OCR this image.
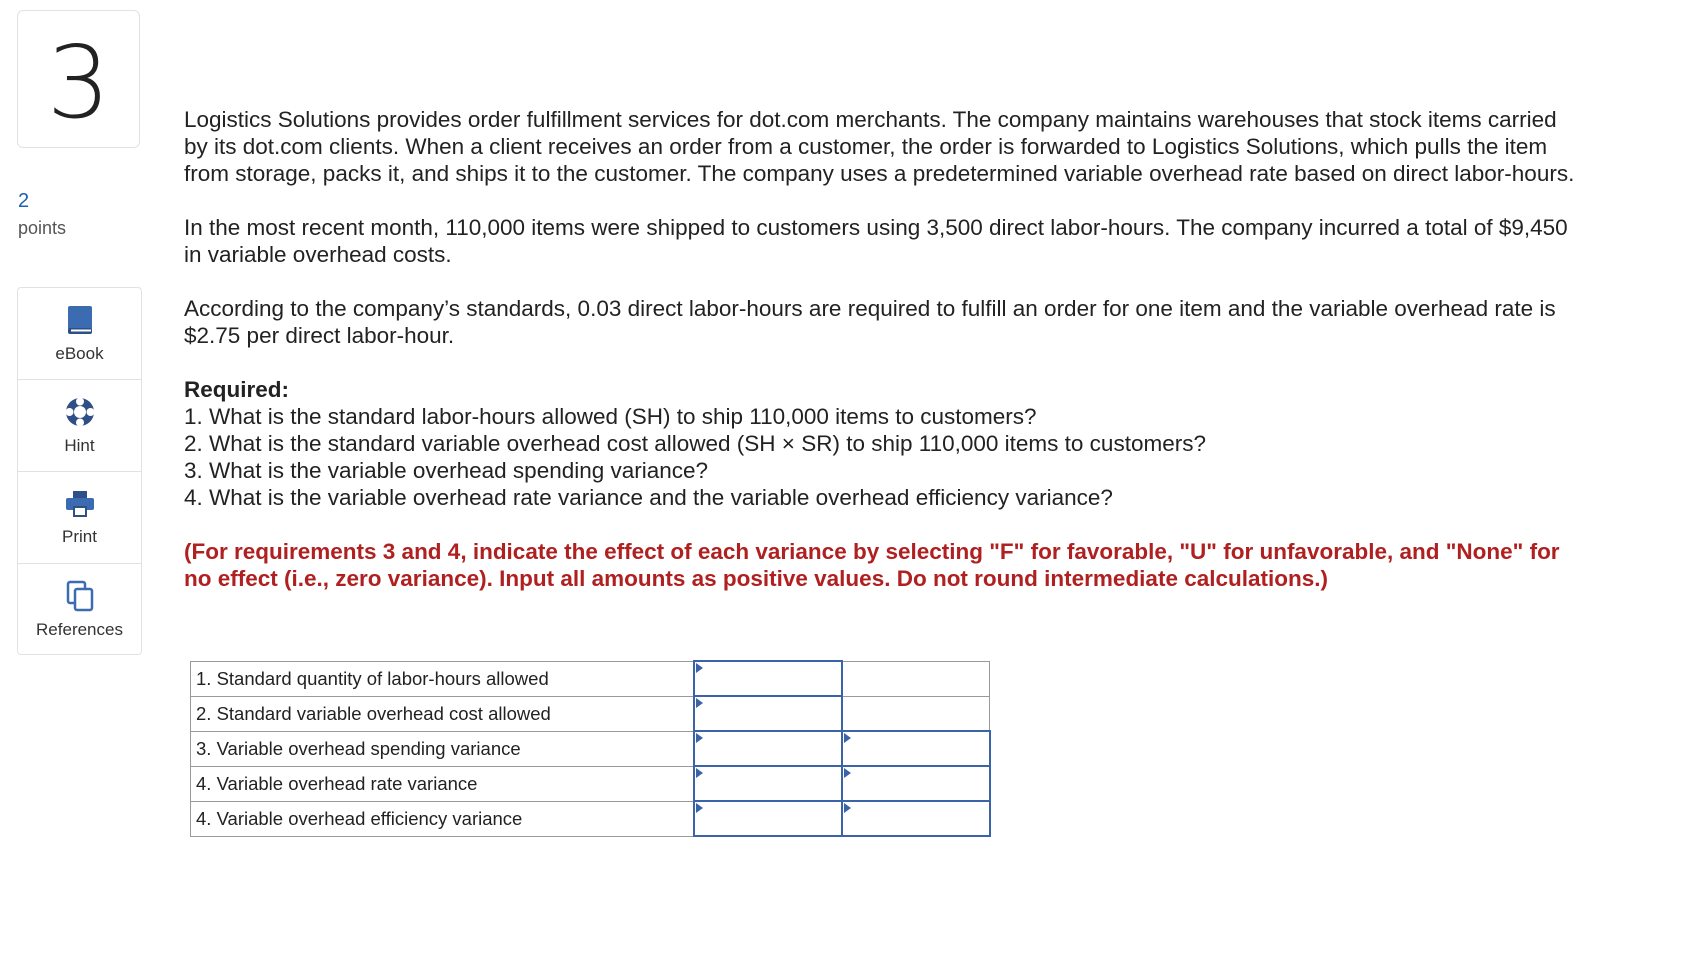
3
2
points
eBook
Hint
Print
References

Logistics Solutions provides order fulfillment services for dot.com merchants. The company maintains warehouses that stock items carried by its dot.com clients. When a client receives an order from a customer, the order is forwarded to Logistics Solutions, which pulls the item from storage, packs it, and ships it to the customer. The company uses a predetermined variable overhead rate based on direct labor-hours.

In the most recent month, 110,000 items were shipped to customers using 3,500 direct labor-hours. The company incurred a total of $9,450 in variable overhead costs.

According to the company’s standards, 0.03 direct labor-hours are required to fulfill an order for one item and the variable overhead rate is $2.75 per direct labor-hour.

Required:
1. What is the standard labor-hours allowed (SH) to ship 110,000 items to customers?
2. What is the standard variable overhead cost allowed (SH × SR) to ship 110,000 items to customers?
3. What is the variable overhead spending variance?
4. What is the variable overhead rate variance and the variable overhead efficiency variance?

(For requirements 3 and 4, indicate the effect of each variance by selecting "F" for favorable, "U" for unfavorable, and "None" for no effect (i.e., zero variance). Input all amounts as positive values. Do not round intermediate calculations.)

1. Standard quantity of labor-hours allowed	

2. Standard variable overhead cost allowed	

3. Variable overhead spending variance	

4. Variable overhead rate variance	

4. Variable overhead efficiency variance	
